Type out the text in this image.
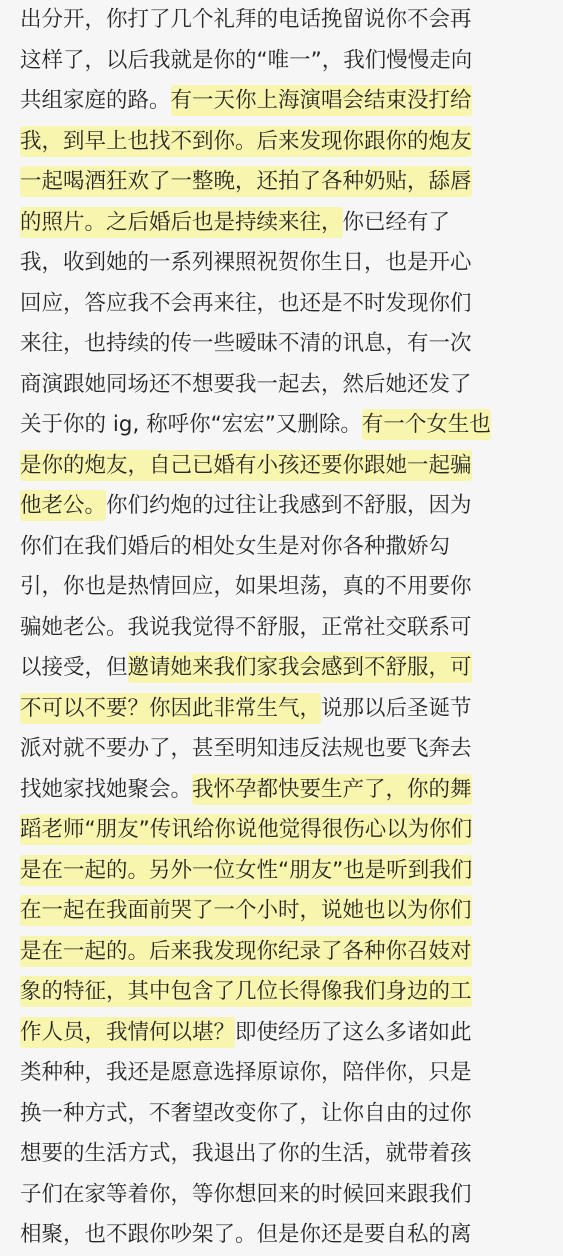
出分开，你打了几个礼拜的电话挽留说你不会再
这样了，以后我就是你的“唯一”，我们慢慢走向
共组家庭的路。有一天你上海演唱会结束没打给
我，到早上也找不到你。后来发现你跟你的炮友
一起喝酒狂欢了一整晚，还拍了各种奶贴，舔唇
的照片。之后婚后也是持续来往，你已经有了
我，收到她的一系列裸照祝贺你生日，也是开心
回应，答应我不会再来往，也还是不时发现你们
来往，也持续的传一些暧昧不清的讯息，有一次
商演跟她同场还不想要我一起去，然后她还发了
关于你的 ig, 称呼你“宏宏”又删除。有一个女生也
是你的炮友，自己已婚有小孩还要你跟她一起骗
他老公。你们约炮的过往让我感到不舒服，因为
你们在我们婚后的相处女生是对你各种撒娇勾
引，你也是热情回应，如果坦荡，真的不用要你
骗她老公。我说我觉得不舒服，正常社交联系可
以接受，但邀请她来我们家我会感到不舒服，可
不可以不要？你因此非常生气，说那以后圣诞节
派对就不要办了，甚至明知违反法规也要飞奔去
找她家找她聚会。我怀孕都快要生产了，你的舞
蹈老师“朋友”传讯给你说他觉得很伤心以为你们
是在一起的。另外一位女性“朋友”也是听到我们
在一起在我面前哭了一个小时，说她也以为你们
是在一起的。后来我发现你纪录了各种你召妓对
象的特征，其中包含了几位长得像我们身边的工
作人员，我情何以堪？即使经历了这么多诸如此
类种种，我还是愿意选择原谅你，陪伴你，只是
换一种方式，不奢望改变你了，让你自由的过你
想要的生活方式，我退出了你的生活，就带着孩
子们在家等着你，等你想回来的时候回来跟我们
相聚，也不跟你吵架了。但是你还是要自私的离
